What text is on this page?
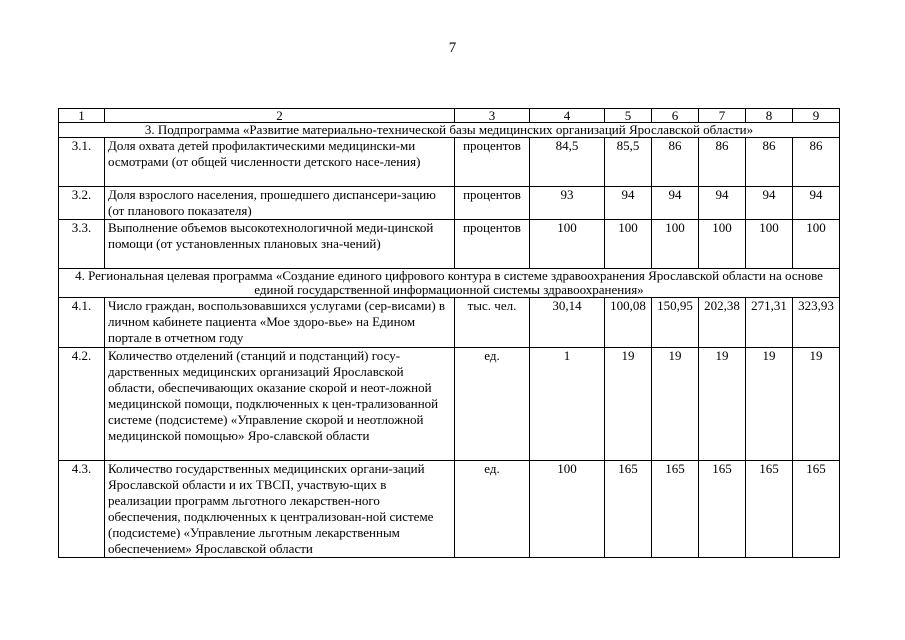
7
1	2	3	4	5	6	7	8	9
3. Подпрограмма «Развитие материально-технической базы медицинских организаций Ярославской области»								
3.1.	Доля охвата детей профилактическими медицински-ми осмотрами (от общей численности детского насе-ления)	процентов	84,5	85,5	86	86	86	86
3.2.	Доля взрослого населения, прошедшего диспансери-зацию (от планового показателя)	процентов	93	94	94	94	94	94
3.3.	Выполнение объемов высокотехнологичной меди-цинской помощи (от установленных плановых зна-чений)	процентов	100	100	100	100	100	100
4. Региональная целевая программа «Создание единого цифрового контура в системе здравоохранения Ярославской области на основе единой государственной информационной системы здравоохранения»								
4.1.	Число граждан, воспользовавшихся услугами (сер-висами) в личном кабинете пациента «Мое здоро-вье» на Едином портале в отчетном году	тыс. чел.	30,14	100,08	150,95	202,38	271,31	323,93
4.2.	Количество отделений (станций и подстанций) госу-дарственных медицинских организаций Ярославской области, обеспечивающих оказание скорой и неот-ложной медицинской помощи, подключенных к цен-трализованной системе (подсистеме) «Управление скорой и неотложной медицинской помощью» Яро-славской области	ед.	1	19	19	19	19	19
4.3.	Количество государственных медицинских органи-заций Ярославской области и их ТВСП, участвую-щих в реализации программ льготного лекарствен-ного обеспечения, подключенных к централизован-ной системе (подсистеме) «Управление льготным лекарственным обеспечением» Ярославской области	ед.	100	165	165	165	165	165
